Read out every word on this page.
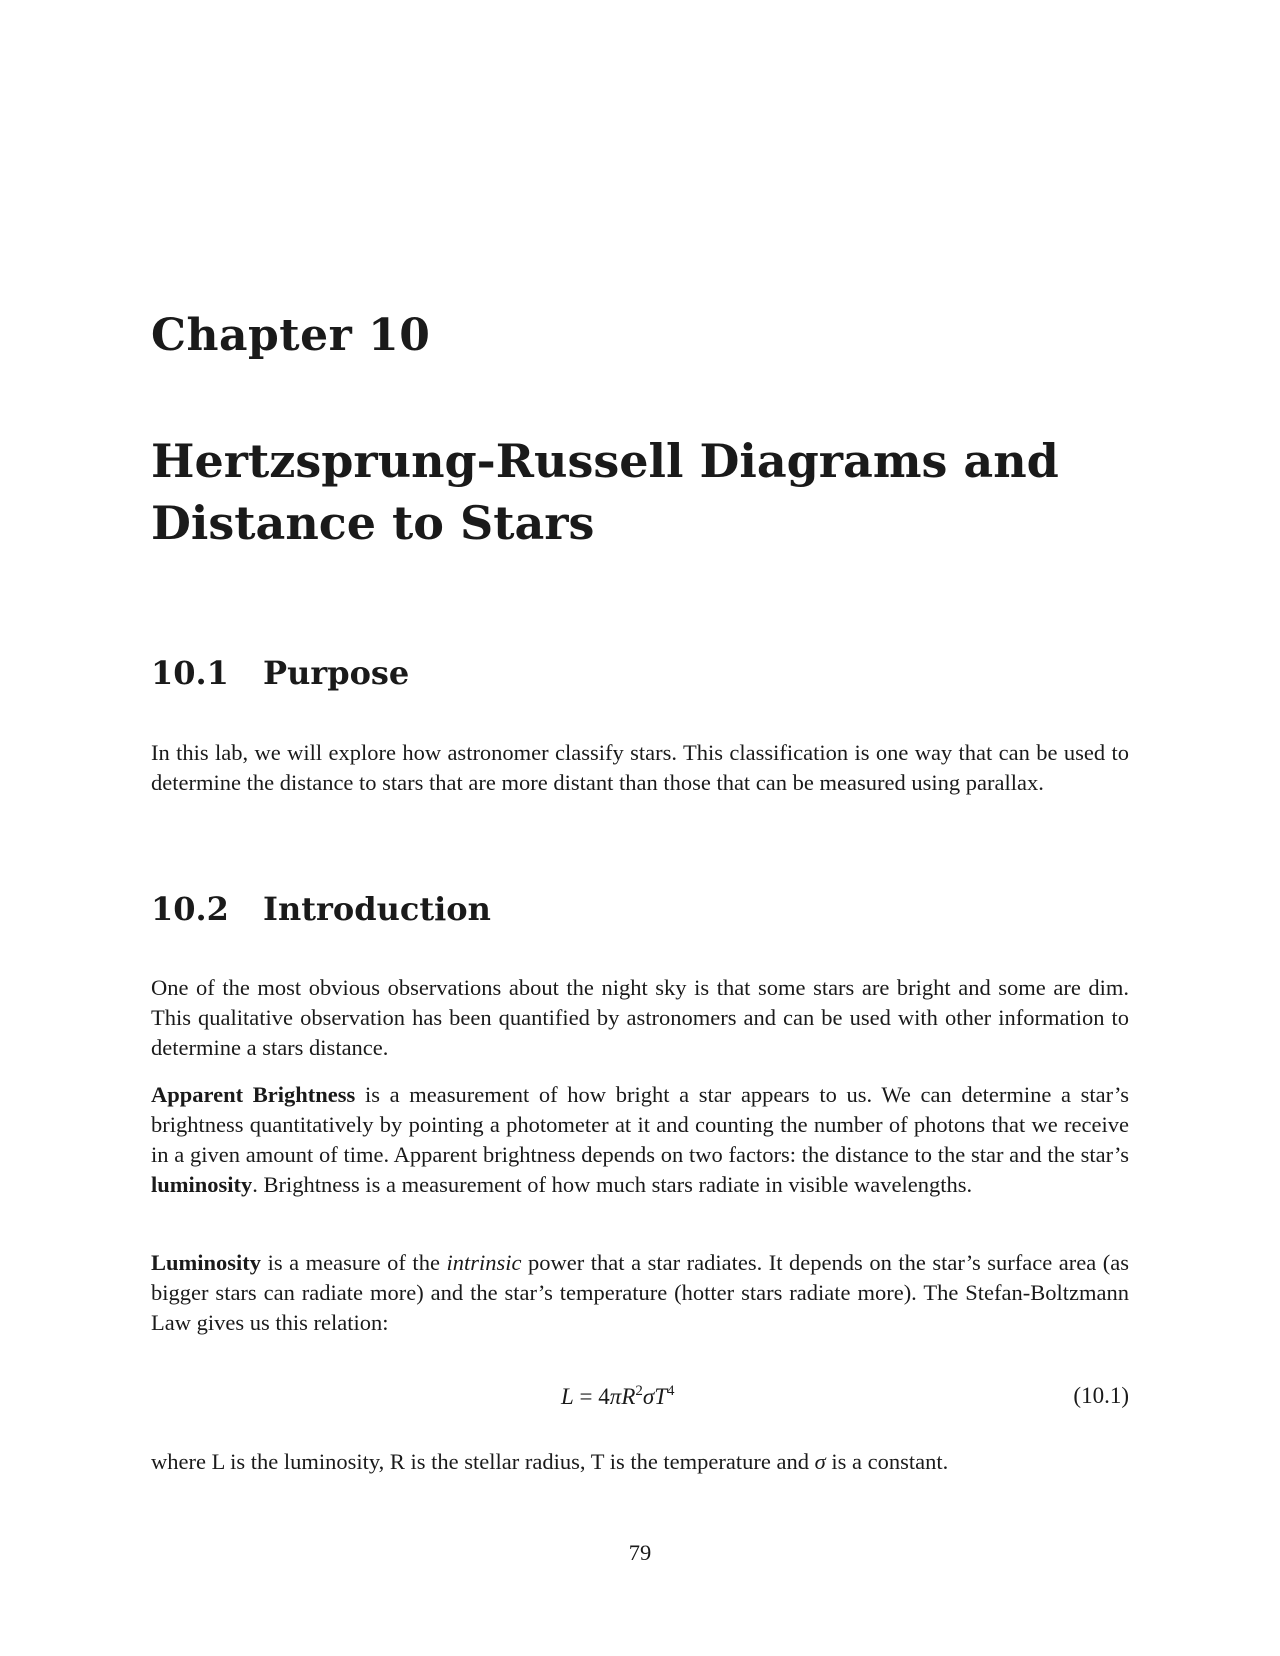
Chapter 10
Hertzsprung-Russell Diagrams and Distance to Stars
10.1 Purpose

In this lab, we will explore how astronomer classify stars. This classification is one way that can be used to determine the distance to stars that are more distant than those that can be measured using parallax.

10.2 Introduction

One of the most obvious observations about the night sky is that some stars are bright and some are dim. This qualitative observation has been quantified by astronomers and can be used with other information to determine a stars distance.

Apparent Brightness is a measurement of how bright a star appears to us. We can determine a star’s brightness quantitatively by pointing a photometer at it and counting the number of photons that we receive in a given amount of time. Apparent brightness depends on two factors: the distance to the star and the star’s luminosity. Brightness is a measurement of how much stars radiate in visible wavelengths.

Luminosity is a measure of the intrinsic power that a star radiates. It depends on the star’s surface area (as bigger stars can radiate more) and the star’s temperature (hotter stars radiate more). The Stefan-Boltzmann Law gives us this relation:

$L = 4\pi R^2\sigma T^4$	(10.1)

where L is the luminosity, R is the stellar radius, T is the temperature and σ is a constant.

79
